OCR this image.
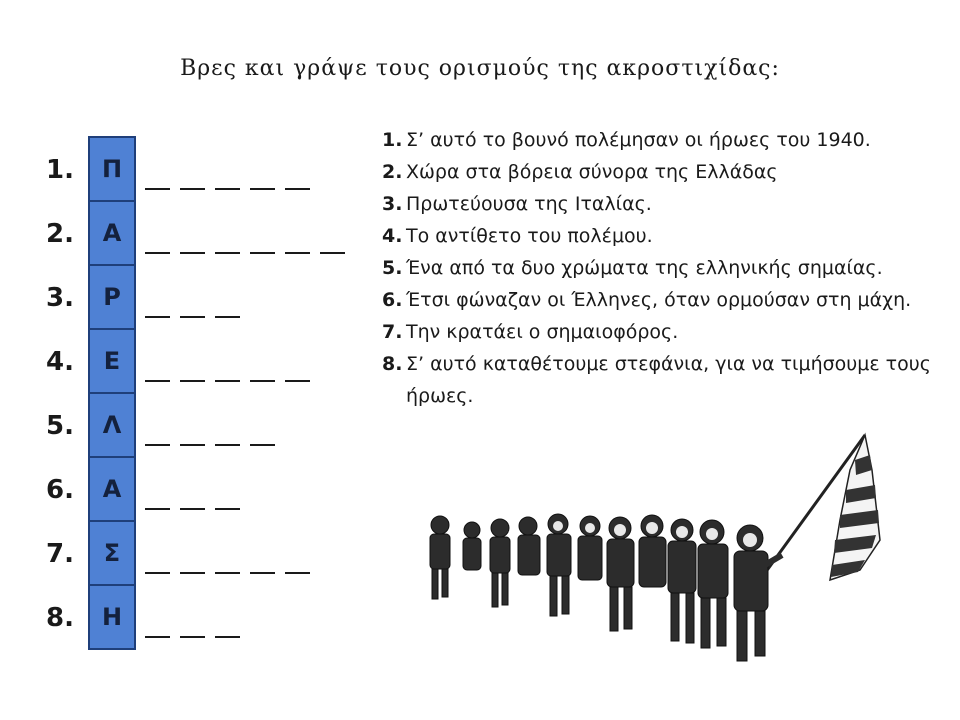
Βρες και γράψε τους ορισμούς της ακροστιχίδας:
1.
2.
3.
4.
5.
6.
7.
8.
Π
Α
Ρ
Ε
Λ
Α
Σ
Η
1. Σ’ αυτό το βουνό πολέμησαν οι ήρωες του 1940.
2. Χώρα στα βόρεια σύνορα της Ελλάδας
3. Πρωτεύουσα της Ιταλίας.
4. Το αντίθετο του πολέμου.
5. Ένα από τα δυο χρώματα της ελληνικής σημαίας.
6. Έτσι φώναζαν οι Έλληνες, όταν ορμούσαν στη μάχη.
7. Την κρατάει ο σημαιοφόρος.
8. Σ’ αυτό καταθέτουμε στεφάνια, για να τιμήσουμε τους ήρωες.
